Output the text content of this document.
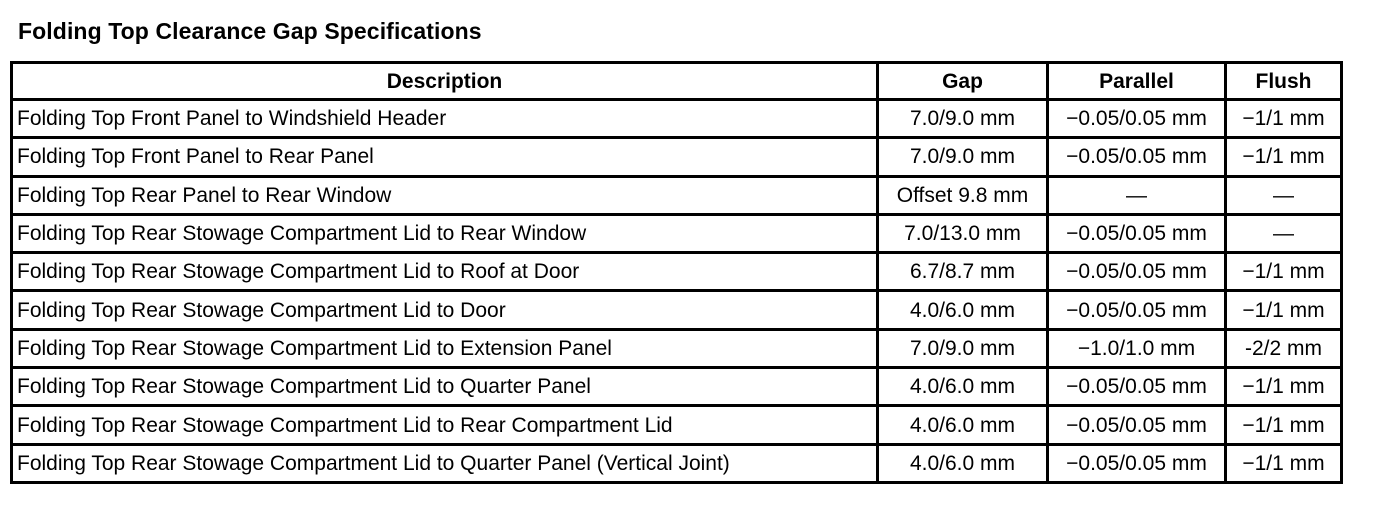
Folding Top Clearance Gap Specifications
Description	Gap	Parallel	Flush
Folding Top Front Panel to Windshield Header	7.0/9.0 mm	−0.05/0.05 mm	−1/1 mm
Folding Top Front Panel to Rear Panel	7.0/9.0 mm	−0.05/0.05 mm	−1/1 mm
Folding Top Rear Panel to Rear Window	Offset 9.8 mm	—	—
Folding Top Rear Stowage Compartment Lid to Rear Window	7.0/13.0 mm	−0.05/0.05 mm	—
Folding Top Rear Stowage Compartment Lid to Roof at Door	6.7/8.7 mm	−0.05/0.05 mm	−1/1 mm
Folding Top Rear Stowage Compartment Lid to Door	4.0/6.0 mm	−0.05/0.05 mm	−1/1 mm
Folding Top Rear Stowage Compartment Lid to Extension Panel	7.0/9.0 mm	−1.0/1.0 mm	-2/2 mm
Folding Top Rear Stowage Compartment Lid to Quarter Panel	4.0/6.0 mm	−0.05/0.05 mm	−1/1 mm
Folding Top Rear Stowage Compartment Lid to Rear Compartment Lid	4.0/6.0 mm	−0.05/0.05 mm	−1/1 mm
Folding Top Rear Stowage Compartment Lid to Quarter Panel (Vertical Joint)	4.0/6.0 mm	−0.05/0.05 mm	−1/1 mm
